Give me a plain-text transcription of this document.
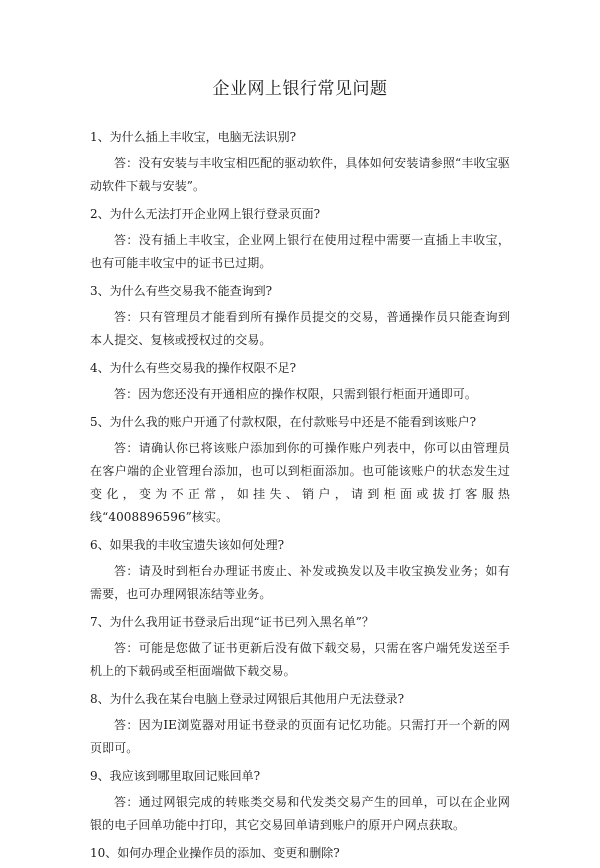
企业网上银行常见问题

1、为什么插上丰收宝，电脑无法识别?

答：没有安装与丰收宝相匹配的驱动软件，具体如何安装请参照“丰收宝驱动软件下载与安装”。

2、为什么无法打开企业网上银行登录页面?

答：没有插上丰收宝，企业网上银行在使用过程中需要一直插上丰收宝，也有可能丰收宝中的证书已过期。

3、为什么有些交易我不能查询到?

答：只有管理员才能看到所有操作员提交的交易，普通操作员只能查询到本人提交、复核或授权过的交易。

4、为什么有些交易我的操作权限不足?

答：因为您还没有开通相应的操作权限，只需到银行柜面开通即可。

5、为什么我的账户开通了付款权限，在付款账号中还是不能看到该账户?

答：请确认你已将该账户添加到你的可操作账户列表中，你可以由管理员在客户端的企业管理台添加，也可以到柜面添加。也可能该账户的状态发生过变化，变为不正常，如挂失、销户，请到柜面或拔打客服热线“4008896596”核实。

6、如果我的丰收宝遗失该如何处理?

答：请及时到柜台办理证书废止、补发或换发以及丰收宝换发业务；如有需要，也可办理网银冻结等业务。

7、为什么我用证书登录后出现“证书已列入黑名单”？

答：可能是您做了证书更新后没有做下载交易，只需在客户端凭发送至手机上的下载码或至柜面端做下载交易。

8、为什么我在某台电脑上登录过网银后其他用户无法登录?

答：因为IE浏览器对用证书登录的页面有记忆功能。只需打开一个新的网页即可。

9、我应该到哪里取回记账回单?

答：通过网银完成的转账类交易和代发类交易产生的回单，可以在企业网银的电子回单功能中打印，其它交易回单请到账户的原开户网点获取。

10、如何办理企业操作员的添加、变更和删除?
